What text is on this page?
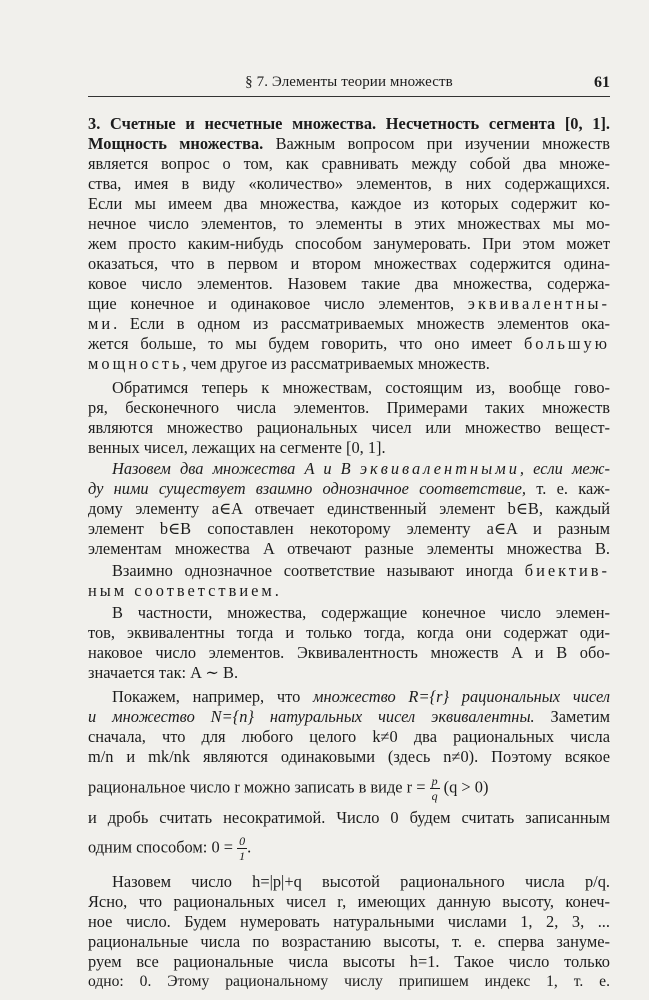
§ 7. Элементы теории множеств	61
3. Счетные и несчетные множества. Несчетность сегмента [0, 1].
Мощность множества. Важным вопросом при изучении множеств
является вопрос о том, как сравнивать между собой два множе-
ства, имея в виду «количество» элементов, в них содержащихся.
Если мы имеем два множества, каждое из которых содержит ко-
нечное число элементов, то элементы в этих множествах мы мо-
жем просто каким-нибудь способом занумеровать. При этом может
оказаться, что в первом и втором множествах содержится одина-
ковое число элементов. Назовем такие два множества, содержа-
щие конечное и одинаковое число элементов, эквивалентны-
ми. Если в одном из рассматриваемых множеств элементов ока-
жется больше, то мы будем говорить, что оно имеет большую
мощность, чем другое из рассматриваемых множеств.
Обратимся теперь к множествам, состоящим из, вообще гово-
ря, бесконечного числа элементов. Примерами таких множеств
являются множество рациональных чисел или множество вещест-
венных чисел, лежащих на сегменте [0, 1].
Назовем два множества A и B эквивалентными, если меж-
ду ними существует взаимно однозначное соответствие, т. е. каж-
дому элементу a∈A отвечает единственный элемент b∈B, каждый
элемент b∈B сопоставлен некоторому элементу a∈A и разным
элементам множества A отвечают разные элементы множества B.
Взаимно однозначное соответствие называют иногда биектив-
ным соответствием.
В частности, множества, содержащие конечное число элемен-
тов, эквивалентны тогда и только тогда, когда они содержат оди-
наковое число элементов. Эквивалентность множеств A и B обо-
значается так: A ∼ B.
Покажем, например, что множество R={r} рациональных чисел
и множество N={n} натуральных чисел эквивалентны. Заметим
сначала, что для любого целого k≠0 два рациональных числа
m/n и mk/nk являются одинаковыми (здесь n≠0). Поэтому всякое
рациональное число r можно записать в виде $r = \frac{p}{q} (q > 0)$
и дробь считать несократимой. Число 0 будем считать записанным
одним способом: $0 = \frac{0}{1}$ .
Назовем число h=|p|+q высотой рационального числа p/q.
Ясно, что рациональных чисел r, имеющих данную высоту, конеч-
ное число. Будем нумеровать натуральными числами 1, 2, 3, ...
рациональные числа по возрастанию высоты, т. е. сперва зануме-
руем все рациональные числа высоты h=1. Такое число только
одно: 0. Этому рациональному числу припишем индекс 1, т. е.
